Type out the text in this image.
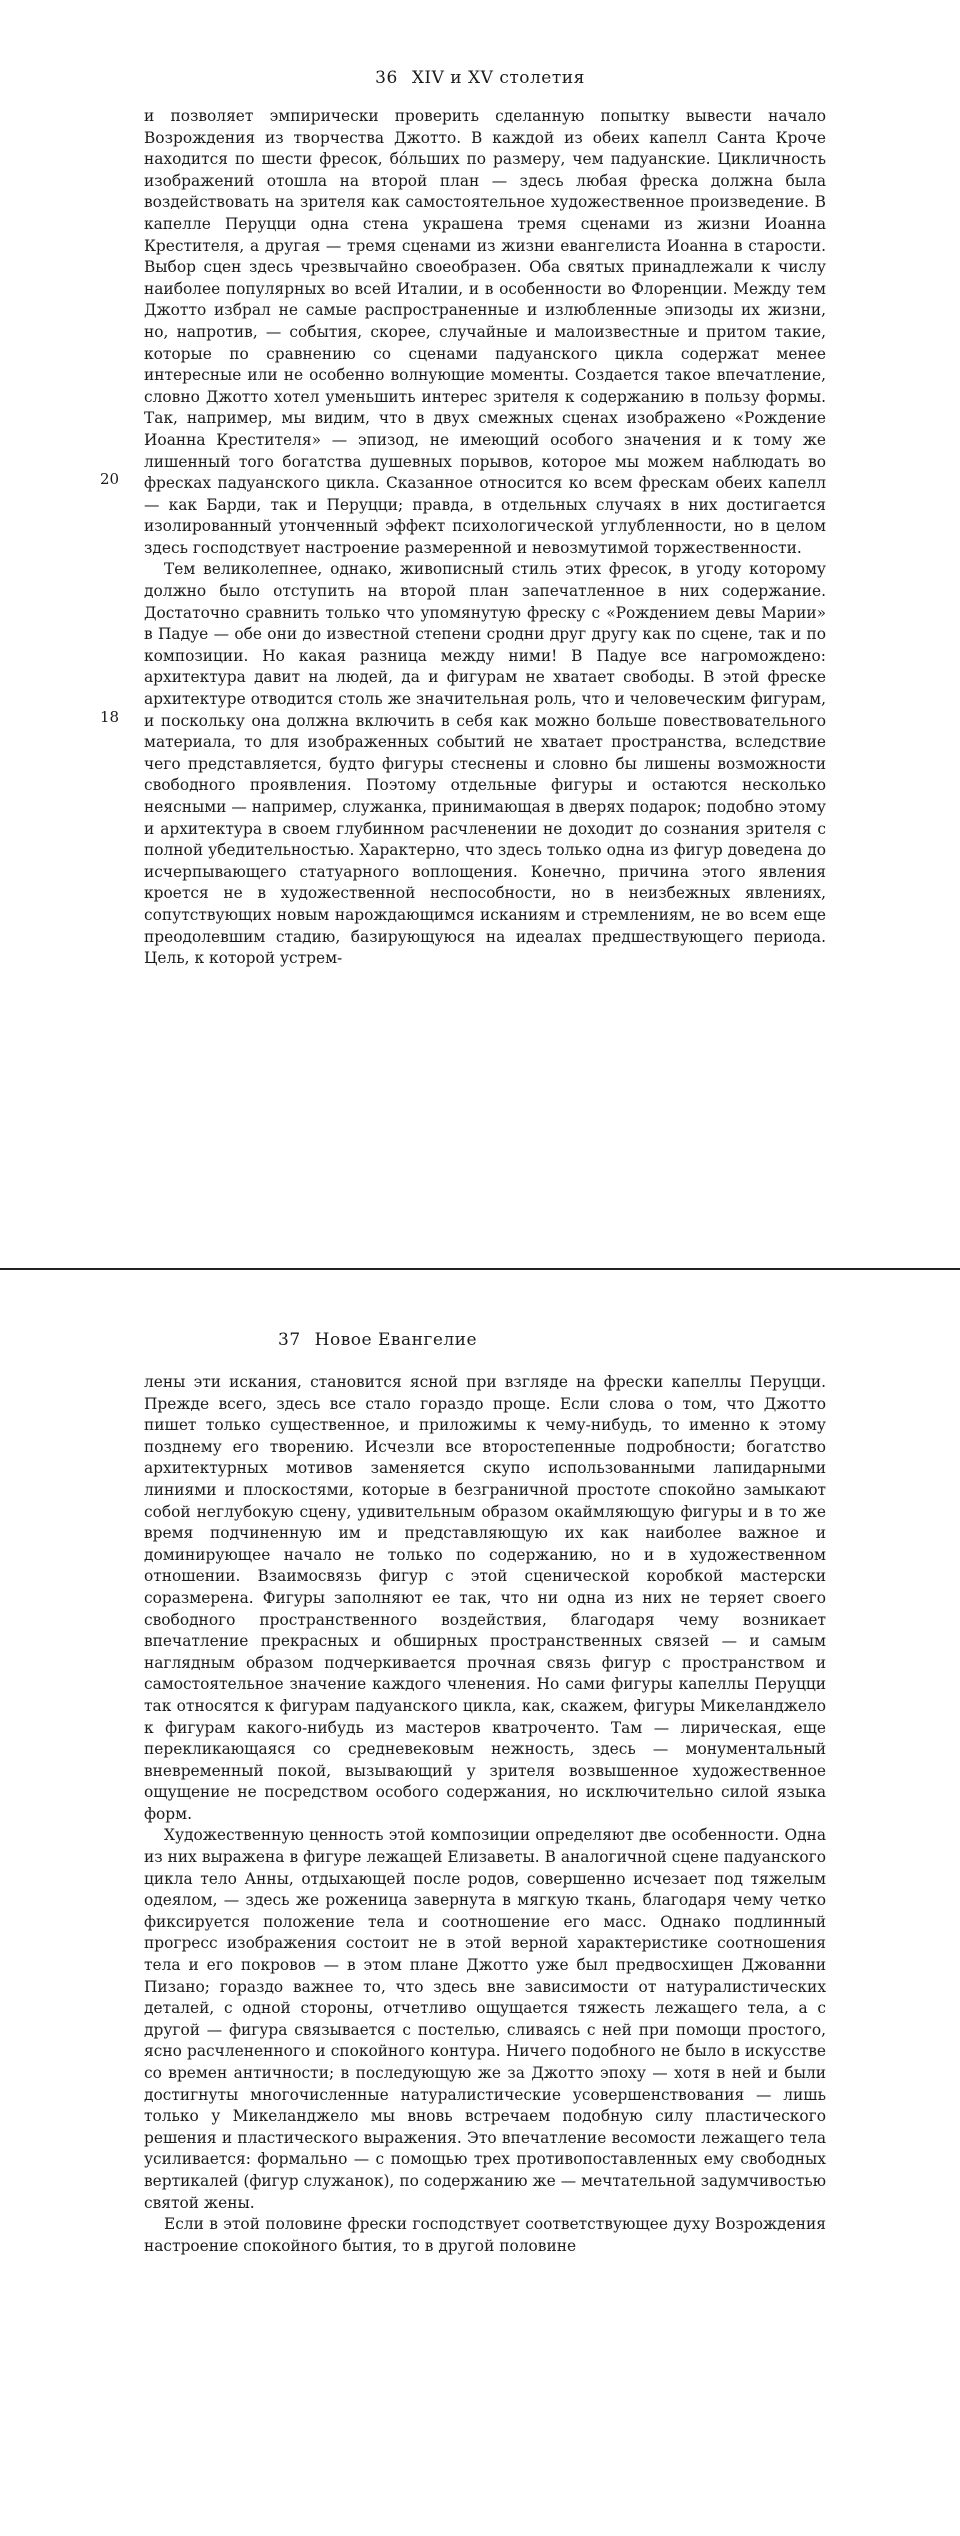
36 XIV и XV столетия
20
18

и позволяет эмпирически проверить сделанную попытку вывести начало Возрождения из творчества Джотто. В каждой из обеих капелл Санта Кроче находится по шести фресок, бо́льших по размеру, чем падуанские. Цикличность изображений отошла на второй план — здесь любая фреска должна была воздействовать на зрителя как самостоятельное художественное произведение. В капелле Перуцци одна стена украшена тремя сценами из жизни Иоанна Крестителя, а другая — тремя сценами из жизни евангелиста Иоанна в старости. Выбор сцен здесь чрезвычайно своеобразен. Оба святых принадлежали к числу наиболее популярных во всей Италии, и в особенности во Флоренции. Между тем Джотто избрал не самые распространенные и излюбленные эпизоды их жизни, но, напротив, — события, скорее, случайные и малоизвестные и притом такие, которые по сравнению со сценами падуанского цикла содержат менее интересные или не особенно волнующие моменты. Создается такое впечатление, словно Джотто хотел уменьшить интерес зрителя к содержанию в пользу формы. Так, например, мы видим, что в двух смежных сценах изображено «Рождение Иоанна Крестителя» — эпизод, не имеющий особого значения и к тому же лишенный того богатства душевных порывов, которое мы можем наблюдать во фресках падуанского цикла. Сказанное относится ко всем фрескам обеих капелл — как Барди, так и Перуцци; правда, в отдельных случаях в них достигается изолированный утонченный эффект психологической углубленности, но в целом здесь господствует настроение размеренной и невозмутимой торжественности.

Тем великолепнее, однако, живописный стиль этих фресок, в угоду которому должно было отступить на второй план запечатленное в них содержание. Достаточно сравнить только что упомянутую фреску с «Рождением девы Марии» в Падуе — обе они до известной степени сродни друг другу как по сцене, так и по композиции. Но какая разница между ними! В Падуе все нагромождено: архитектура давит на людей, да и фигурам не хватает свободы. В этой фреске архитектуре отводится столь же значительная роль, что и человеческим фигурам, и поскольку она должна включить в себя как можно больше повествовательного материала, то для изображенных событий не хватает пространства, вследствие чего представляется, будто фигуры стеснены и словно бы лишены возможности свободного проявления. Поэтому отдельные фигуры и остаются несколько неясными — например, служанка, принимающая в дверях подарок; подобно этому и архитектура в своем глубинном расчленении не доходит до сознания зрителя с полной убедительностью. Характерно, что здесь только одна из фигур доведена до исчерпывающего статуарного воплощения. Конечно, причина этого явления кроется не в художественной неспособности, но в неизбежных явлениях, сопутствующих новым нарождающимся исканиям и стремлениям, не во всем еще преодолевшим стадию, базирующуюся на идеалах предшествующего периода. Цель, к которой устрем-

37 Новое Евангелие

лены эти искания, становится ясной при взгляде на фрески капеллы Перуцци. Прежде всего, здесь все стало гораздо проще. Если слова о том, что Джотто пишет только существенное, и приложимы к чему-нибудь, то именно к этому позднему его творению. Исчезли все второстепенные подробности; богатство архитектурных мотивов заменяется скупо использованными лапидарными линиями и плоскостями, которые в безграничной простоте спокойно замыкают собой неглубокую сцену, удивительным образом окаймляющую фигуры и в то же время подчиненную им и представляющую их как наиболее важное и доминирующее начало не только по содержанию, но и в художественном отношении. Взаимосвязь фигур с этой сценической коробкой мастерски соразмерена. Фигуры заполняют ее так, что ни одна из них не теряет своего свободного пространственного воздействия, благодаря чему возникает впечатление прекрасных и обширных пространственных связей — и самым наглядным образом подчеркивается прочная связь фигур с пространством и самостоятельное значение каждого членения. Но сами фигуры капеллы Перуцци так относятся к фигурам падуанского цикла, как, скажем, фигуры Микеланджело к фигурам какого-нибудь из мастеров кватроченто. Там — лирическая, еще перекликающаяся со средневековым нежность, здесь — монументальный вневременный покой, вызывающий у зрителя возвышенное художественное ощущение не посредством особого содержания, но исключительно силой языка форм.

Художественную ценность этой композиции определяют две особенности. Одна из них выражена в фигуре лежащей Елизаветы. В аналогичной сцене падуанского цикла тело Анны, отдыхающей после родов, совершенно исчезает под тяжелым одеялом, — здесь же роженица завернута в мягкую ткань, благодаря чему четко фиксируется положение тела и соотношение его масс. Однако подлинный прогресс изображения состоит не в этой верной характеристике соотношения тела и его покровов — в этом плане Джотто уже был предвосхищен Джованни Пизано; гораздо важнее то, что здесь вне зависимости от натуралистических деталей, с одной стороны, отчетливо ощущается тяжесть лежащего тела, а с другой — фигура связывается с постелью, сливаясь с ней при помощи простого, ясно расчлененного и спокойного контура. Ничего подобного не было в искусстве со времен античности; в последующую же за Джотто эпоху — хотя в ней и были достигнуты многочисленные натуралистические усовершенствования — лишь только у Микеланджело мы вновь встречаем подобную силу пластического решения и пластического выражения. Это впечатление весомости лежащего тела усиливается: формально — с помощью трех противопоставленных ему свободных вертикалей (фигур служанок), по содержанию же — мечтательной задумчивостью святой жены.

Если в этой половине фрески господствует соответствующее духу Возрождения настроение спокойного бытия, то в другой половине
